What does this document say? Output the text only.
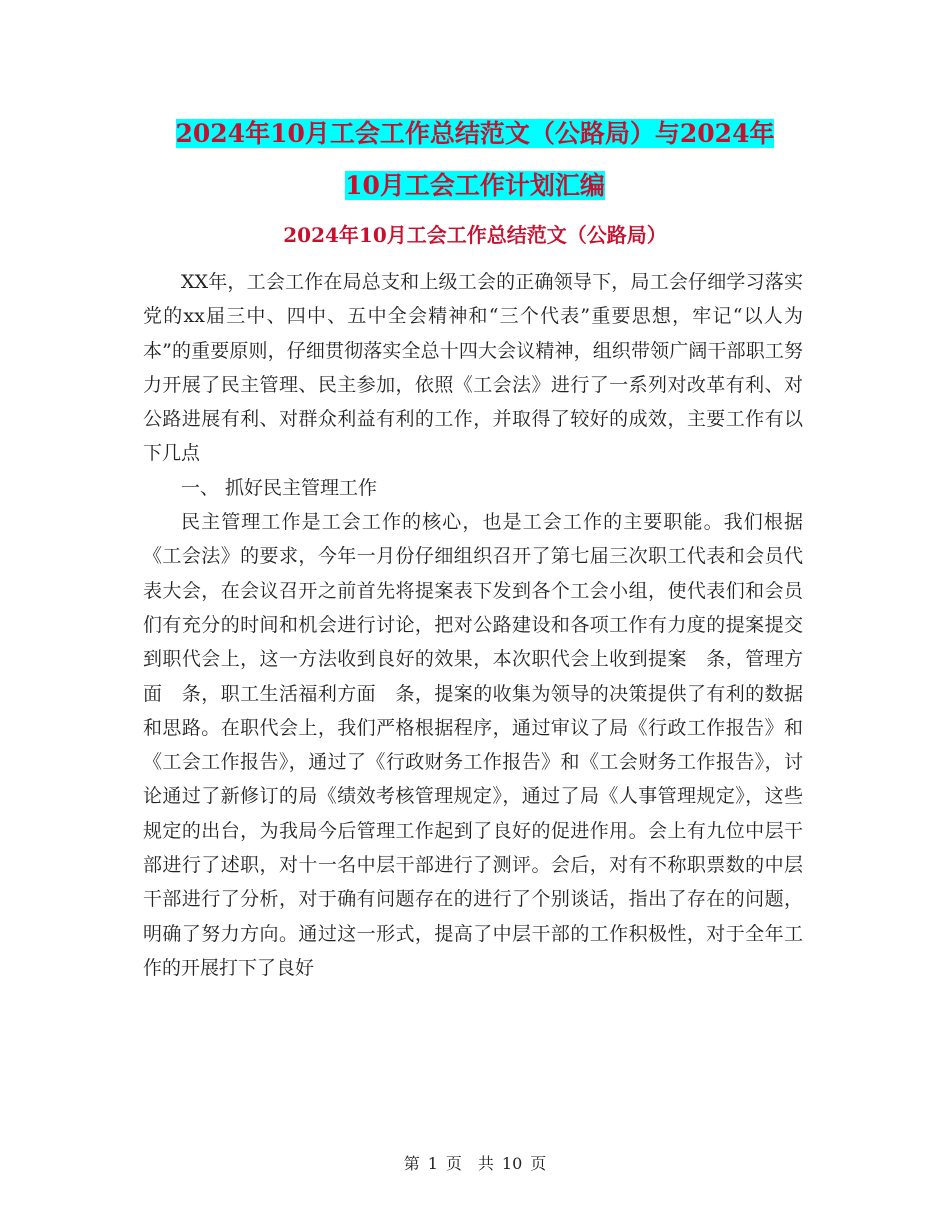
2024年10月工会工作总结范文（公路局）与2024年
10月工会工作计划汇编
2024年10月工会工作总结范文（公路局）

XX年，工会工作在局总支和上级工会的正确领导下，局工会仔细学习落实党的xx届三中、四中、五中全会精神和“三个代表”重要思想，牢记“以人为本”的重要原则，仔细贯彻落实全总十四大会议精神，组织带领广阔干部职工努力开展了民主管理、民主参加，依照《工会法》进行了一系列对改革有利、对公路进展有利、对群众利益有利的工作，并取得了较好的成效，主要工作有以下几点

一、 抓好民主管理工作

民主管理工作是工会工作的核心，也是工会工作的主要职能。我们根据《工会法》的要求，今年一月份仔细组织召开了第七届三次职工代表和会员代表大会，在会议召开之前首先将提案表下发到各个工会小组，使代表们和会员们有充分的时间和机会进行讨论，把对公路建设和各项工作有力度的提案提交到职代会上，这一方法收到良好的效果，本次职代会上收到提案　条，管理方面　条，职工生活福利方面　条，提案的收集为领导的决策提供了有利的数据和思路。在职代会上，我们严格根据程序，通过审议了局《行政工作报告》和《工会工作报告》，通过了《行政财务工作报告》和《工会财务工作报告》，讨论通过了新修订的局《绩效考核管理规定》，通过了局《人事管理规定》，这些规定的出台，为我局今后管理工作起到了良好的促进作用。会上有九位中层干部进行了述职，对十一名中层干部进行了测评。会后，对有不称职票数的中层干部进行了分析，对于确有问题存在的进行了个别谈话，指出了存在的问题，明确了努力方向。通过这一形式，提高了中层干部的工作积极性，对于全年工作的开展打下了良好

第 1 页　共 10 页
